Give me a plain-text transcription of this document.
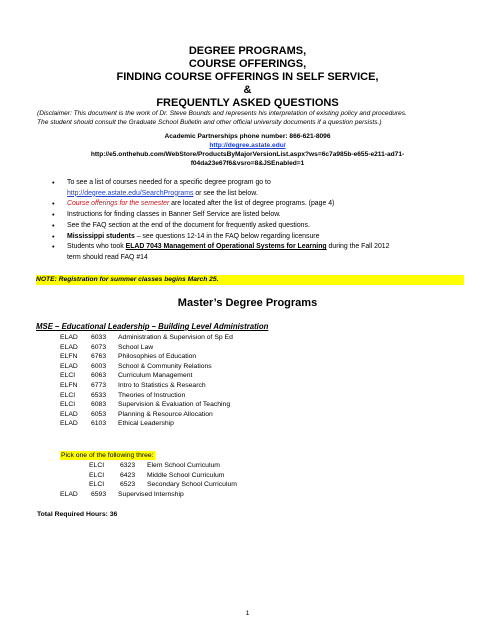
DEGREE PROGRAMS,
COURSE OFFERINGS,
FINDING COURSE OFFERINGS IN SELF SERVICE,
&
FREQUENTLY ASKED QUESTIONS
(Disclaimer: This document is the work of Dr. Steve Bounds and represents his interpretation of existing policy and procedures.
The student should consult the Graduate School Bulletin and other official university documents if a question persists.)
Academic Partnerships phone number: 866-621-8096
http://degree.astate.edu/
http://e5.onthehub.com/WebStore/ProductsByMajorVersionList.aspx?ws=6c7a985b-e655-e211-ad71-
f04da23e67f6&vsro=8&JSEnabled=1
• To see a list of courses needed for a specific degree program go to
http://degree.astate.edu/SearchPrograms or see the list below.
• Course offerings for the semester are located after the list of degree programs. (page 4)
• Instructions for finding classes in Banner Self Service are listed below.
• See the FAQ section at the end of the document for frequently asked questions.
• Mississippi students – see questions 12-14 in the FAQ below regarding licensure
• Students who took ELAD 7043 Management of Operational Systems for Learning during the Fall 2012
term should read FAQ #14
NOTE: Registration for summer classes begins March 25.
Master’s Degree Programs
MSE – Educational Leadership – Building Level Administration
ELAD	6033	Administration & Supervision of Sp Ed
ELAD	6073	School Law
ELFN	6763	Philosophies of Education
ELAD	6003	School & Community Relations
ELCI	6063	Curriculum Management
ELFN	6773	Intro to Statistics & Research
ELCI	6533	Theories of Instruction
ELCI	6083	Supervision & Evaluation of Teaching
ELAD	6053	Planning & Resource Allocation
ELAD	6103	Ethical Leadership
ELCI	6323	Elem School Curriculum
ELCI	6423	Middle School Curriculum
ELCI	6523	Secondary School Curriculum
ELAD	6593	Supervised Internship
Pick one of the following three:
Total Required Hours: 36
1
